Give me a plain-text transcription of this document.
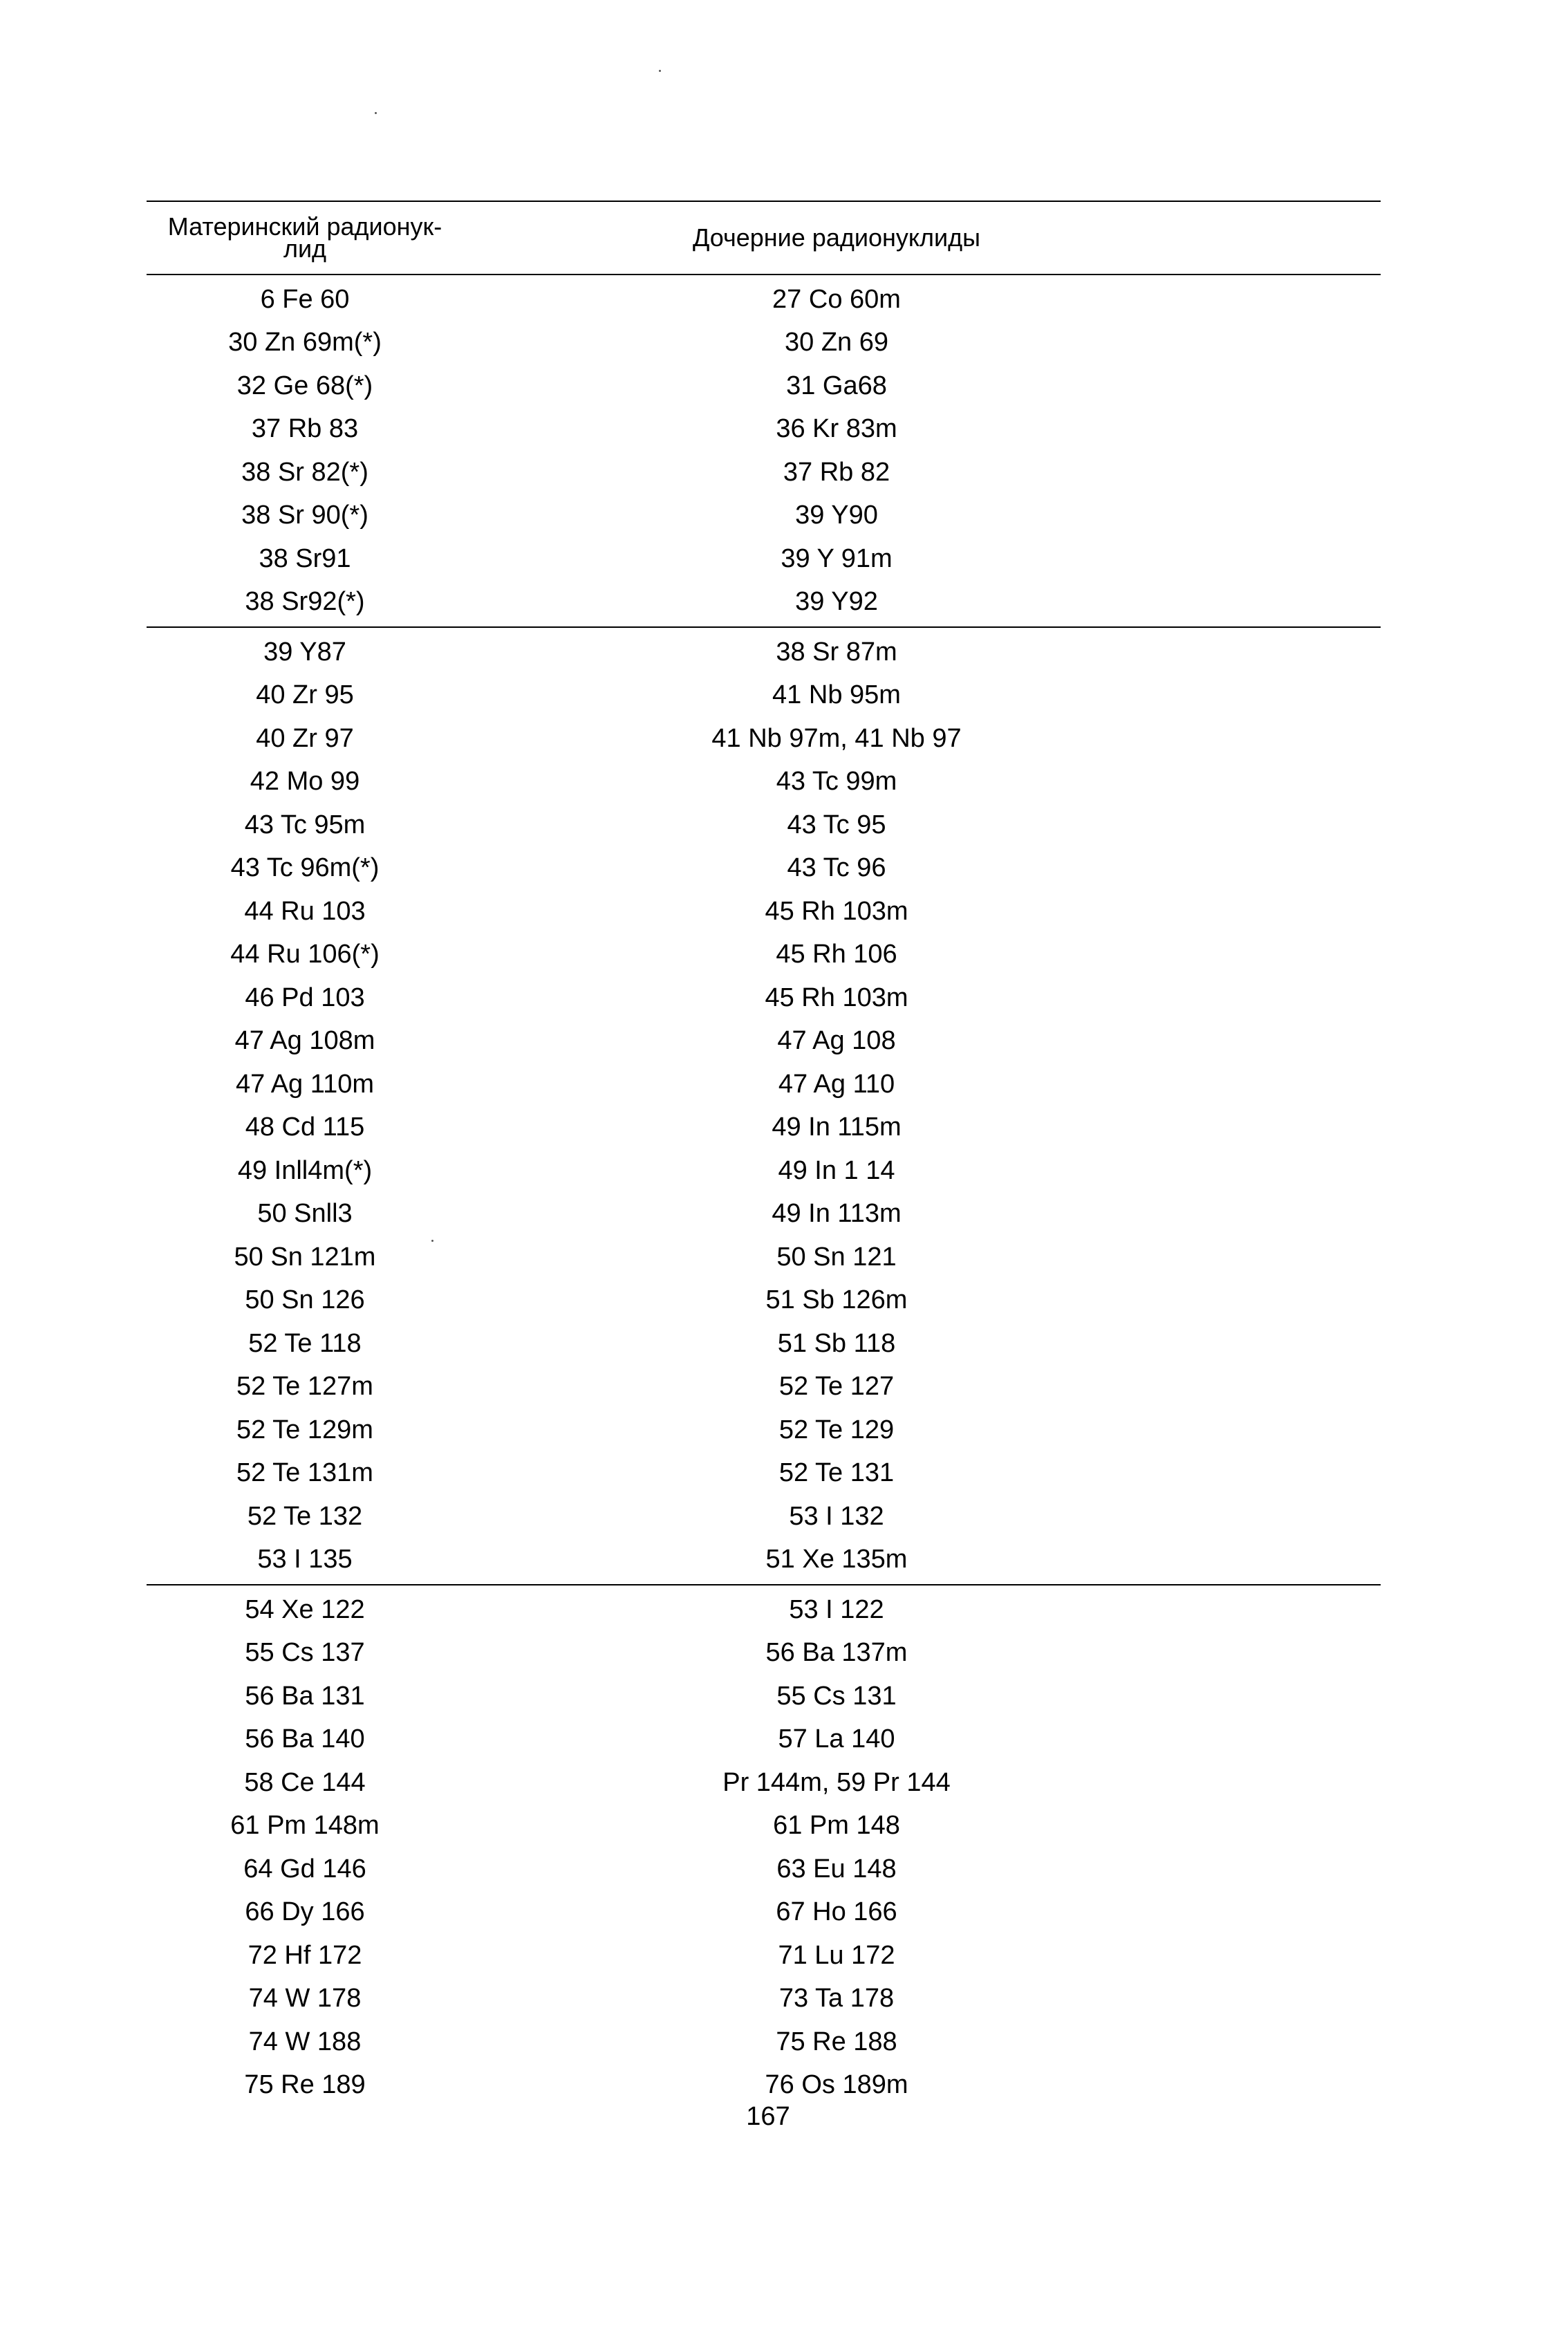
Материнский радионук-
лид	Дочерние радионуклиды
6 Fe 60	27 Co 60m
30 Zn 69m(*)	30 Zn 69
32 Ge 68(*)	31 Ga68
37 Rb 83	36 Kr 83m
38 Sr 82(*)	37 Rb 82
38 Sr 90(*)	39 Y90
38 Sr91	39 Y 91m
38 Sr92(*)	39 Y92
39 Y87	38 Sr 87m
40 Zr 95	41 Nb 95m
40 Zr 97	41 Nb 97m, 41 Nb 97
42 Mo 99	43 Tc 99m
43 Tc 95m	43 Tc 95
43 Tc 96m(*)	43 Tc 96
44 Ru 103	45 Rh 103m
44 Ru 106(*)	45 Rh 106
46 Pd 103	45 Rh 103m
47 Ag 108m	47 Ag 108
47 Ag 110m	47 Ag 110
48 Cd 115	49 In 115m
49 Inll4m(*)	49 In 1 14
50 Snll3	49 In 113m
50 Sn 121m	50 Sn 121
50 Sn 126	51 Sb 126m
52 Te 118	51 Sb 118
52 Te 127m	52 Te 127
52 Te 129m	52 Te 129
52 Te 131m	52 Te 131
52 Te 132	53 I 132
53 I 135	51 Xe 135m
54 Xe 122	53 I 122
55 Cs 137	56 Ba 137m
56 Ba 131	55 Cs 131
56 Ba 140	57 La 140
58 Ce 144	Pr 144m, 59 Pr 144
61 Pm 148m	61 Pm 148
64 Gd 146	63 Eu 148
66 Dy 166	67 Ho 166
72 Hf 172	71 Lu 172
74 W 178	73 Ta 178
74 W 188	75 Re 188
75 Re 189	76 Os 189m
167
